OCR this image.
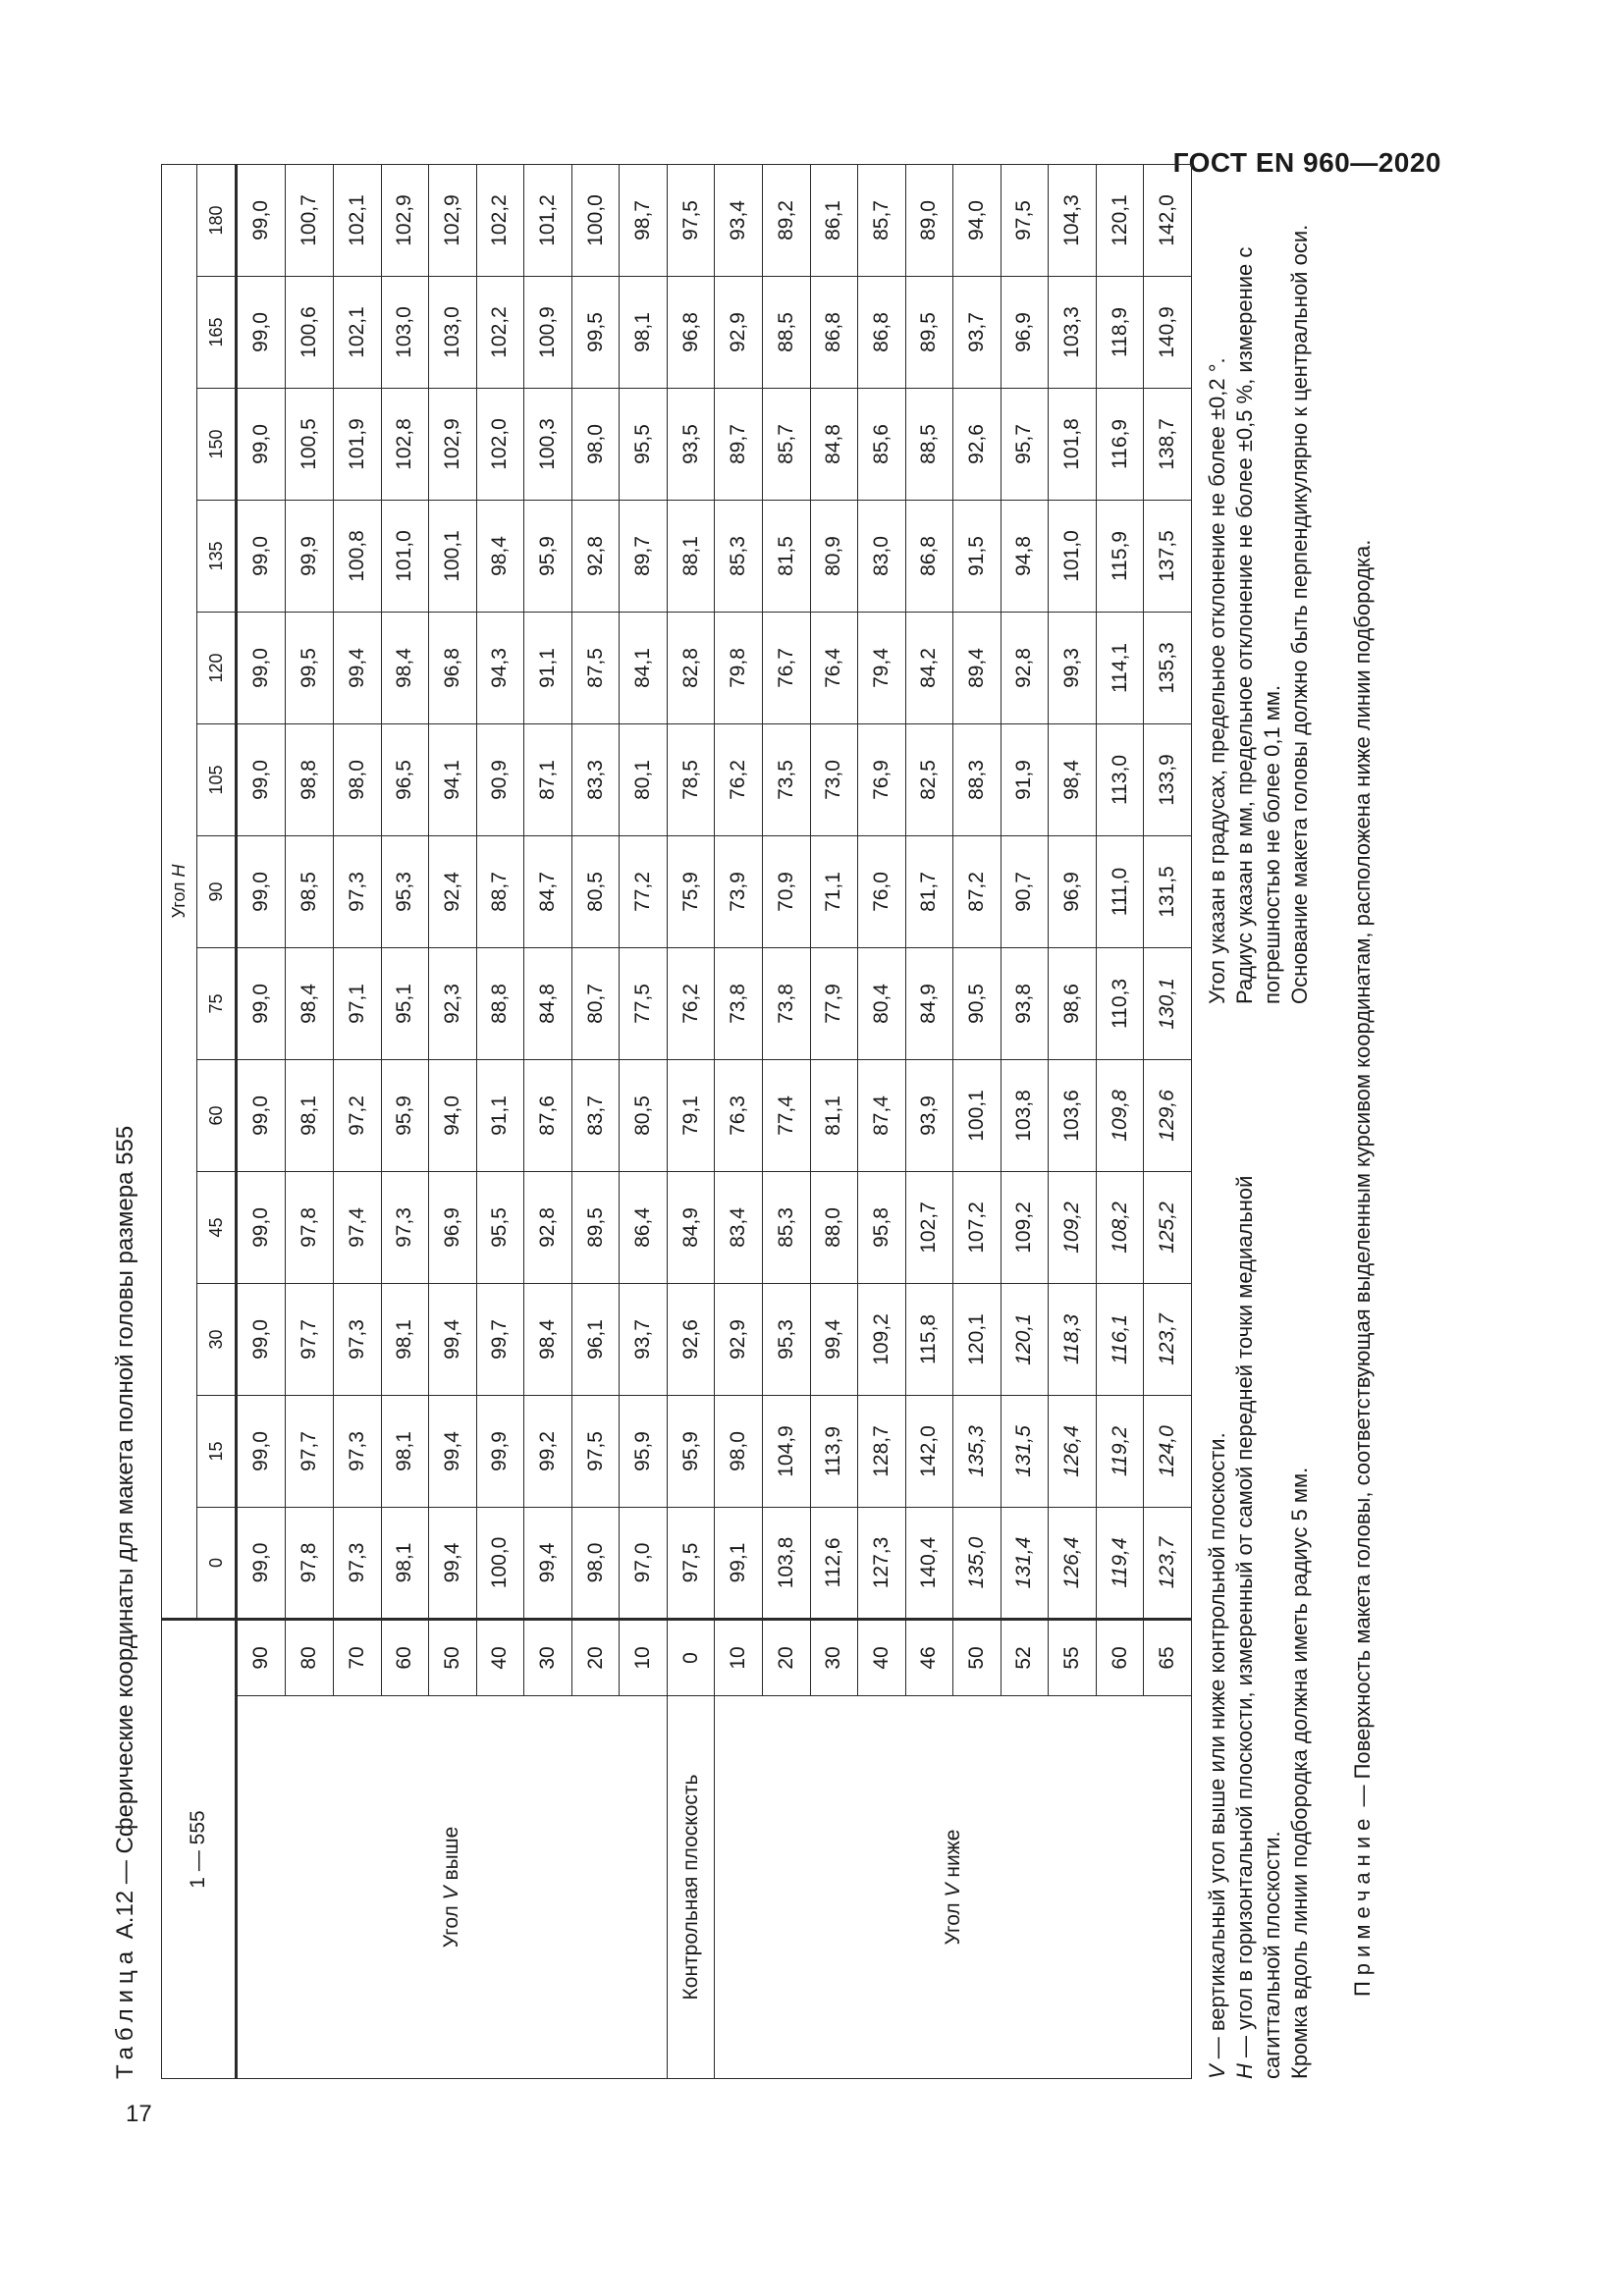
ГОСТ EN 960—2020
17
Таблица А.12 — Сферические координаты для макета полной головы размера 555	1 — 555		Угол H												
		0	15	30	45	60	75	90	105	120	135	150	165	180
Угол V выше	90	99,0	99,0	99,0	99,0	99,0	99,0	99,0	99,0	99,0	99,0	99,0	99,0	99,0
	80	97,8	97,7	97,7	97,8	98,1	98,4	98,5	98,8	99,5	99,9	100,5	100,6	100,7
	70	97,3	97,3	97,3	97,4	97,2	97,1	97,3	98,0	99,4	100,8	101,9	102,1	102,1
	60	98,1	98,1	98,1	97,3	95,9	95,1	95,3	96,5	98,4	101,0	102,8	103,0	102,9
	50	99,4	99,4	99,4	96,9	94,0	92,3	92,4	94,1	96,8	100,1	102,9	103,0	102,9
	40	100,0	99,9	99,7	95,5	91,1	88,8	88,7	90,9	94,3	98,4	102,0	102,2	102,2
	30	99,4	99,2	98,4	92,8	87,6	84,8	84,7	87,1	91,1	95,9	100,3	100,9	101,2
	20	98,0	97,5	96,1	89,5	83,7	80,7	80,5	83,3	87,5	92,8	98,0	99,5	100,0
	10	97,0	95,9	93,7	86,4	80,5	77,5	77,2	80,1	84,1	89,7	95,5	98,1	98,7
Контрольная плоскость	0	97,5	95,9	92,6	84,9	79,1	76,2	75,9	78,5	82,8	88,1	93,5	96,8	97,5
Угол V ниже	10	99,1	98,0	92,9	83,4	76,3	73,8	73,9	76,2	79,8	85,3	89,7	92,9	93,4
	20	103,8	104,9	95,3	85,3	77,4	73,8	70,9	73,5	76,7	81,5	85,7	88,5	89,2
	30	112,6	113,9	99,4	88,0	81,1	77,9	71,1	73,0	76,4	80,9	84,8	86,8	86,1
	40	127,3	128,7	109,2	95,8	87,4	80,4	76,0	76,9	79,4	83,0	85,6	86,8	85,7
	46	140,4	142,0	115,8	102,7	93,9	84,9	81,7	82,5	84,2	86,8	88,5	89,5	89,0
	50	135,0	135,3	120,1	107,2	100,1	90,5	87,2	88,3	89,4	91,5	92,6	93,7	94,0
	52	131,4	131,5	120,1	109,2	103,8	93,8	90,7	91,9	92,8	94,8	95,7	96,9	97,5
	55	126,4	126,4	118,3	109,2	103,6	98,6	96,9	98,4	99,3	101,0	101,8	103,3	104,3
	60	119,4	119,2	116,1	108,2	109,8	110,3	111,0	113,0	114,1	115,9	116,9	118,9	120,1
	65	123,7	124,0	123,7	125,2	129,6	130,1	131,5	133,9	135,3	137,5	138,7	140,9	142,0

V — вертикальный угол выше или ниже контрольной плоскости.

H — угол в горизонтальной плоскости, измеренный от самой передней точки медиальной сагиттальной плоскости. Кромка вдоль линии подбородка должна иметь радиус 5 мм.

Угол указан в градусах, предельное отклонение не более ±0,2 °. Радиус указан в мм, предельное отклонение не более ±0,5 %, измерение с погрешностью не более 0,1 мм. Основание макета головы должно быть перпендикулярно к центральной оси.

Примечание — Поверхность макета головы, соответствующая выделенным курсивом координатам, расположена ниже линии подбородка.
